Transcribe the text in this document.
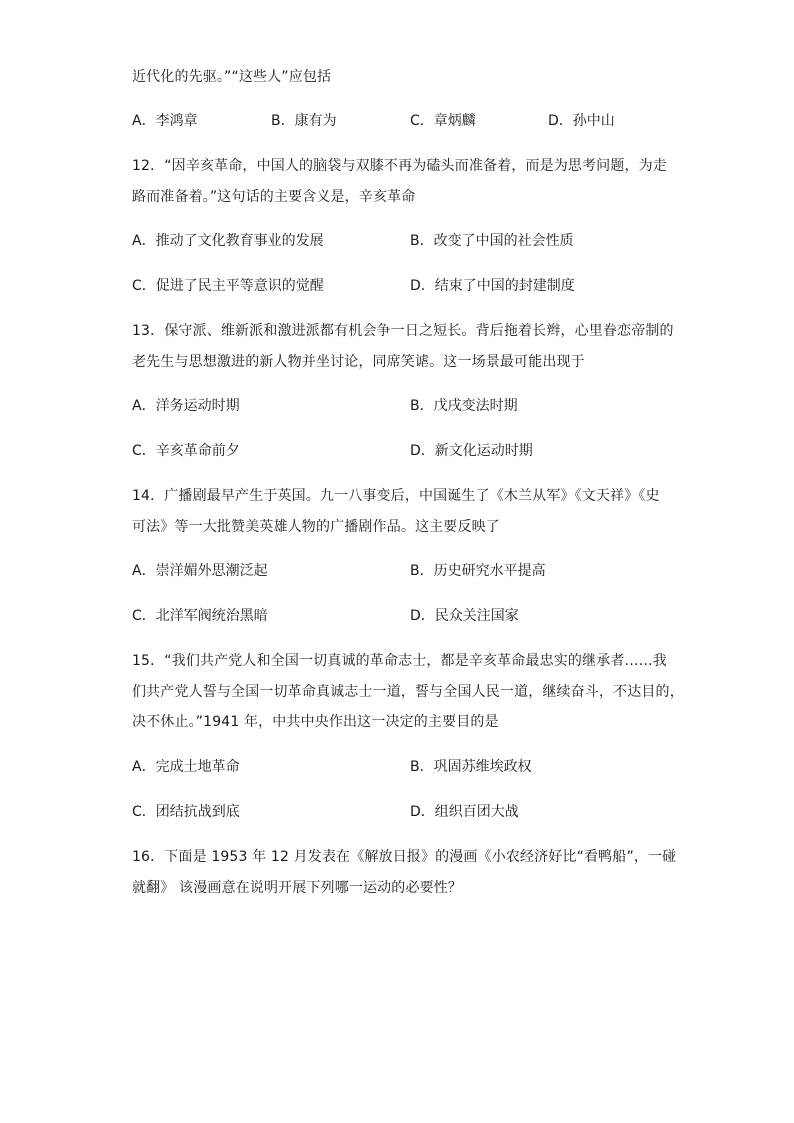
近代化的先驱。”“这些人”应包括
A．李鸿章	B．康有为	C．章炳麟	D．孙中山
12．“因辛亥革命，中国人的脑袋与双膝不再为磕头而准备着，而是为思考问题，为走
路而准备着。”这句话的主要含义是，辛亥革命
A．推动了文化教育事业的发展	B．改变了中国的社会性质
C．促进了民主平等意识的觉醒	D．结束了中国的封建制度
13．保守派、维新派和激进派都有机会争一日之短长。背后拖着长辫，心里眷恋帝制的
老先生与思想激进的新人物并坐讨论，同席笑谑。这一场景最可能出现于
A．洋务运动时期	B．戊戌变法时期
C．辛亥革命前夕	D．新文化运动时期
14．广播剧最早产生于英国。九一八事变后，中国诞生了《木兰从军》《文天祥》《史
可法》等一大批赞美英雄人物的广播剧作品。这主要反映了
A．崇洋媚外思潮泛起	B．历史研究水平提高
C．北洋军阀统治黑暗	D．民众关注国家
15．“我们共产党人和全国一切真诚的革命志士，都是辛亥革命最忠实的继承者……我
们共产党人誓与全国一切革命真诚志士一道，誓与全国人民一道，继续奋斗，不达目的，
决不休止。”1941 年，中共中央作出这一决定的主要目的是
A．完成土地革命	B．巩固苏维埃政权
C．团结抗战到底	D．组织百团大战
16．下面是 1953 年 12 月发表在《解放日报》的漫画《小农经济好比“看鸭船”，一碰
就翻》 该漫画意在说明开展下列哪一运动的必要性？
